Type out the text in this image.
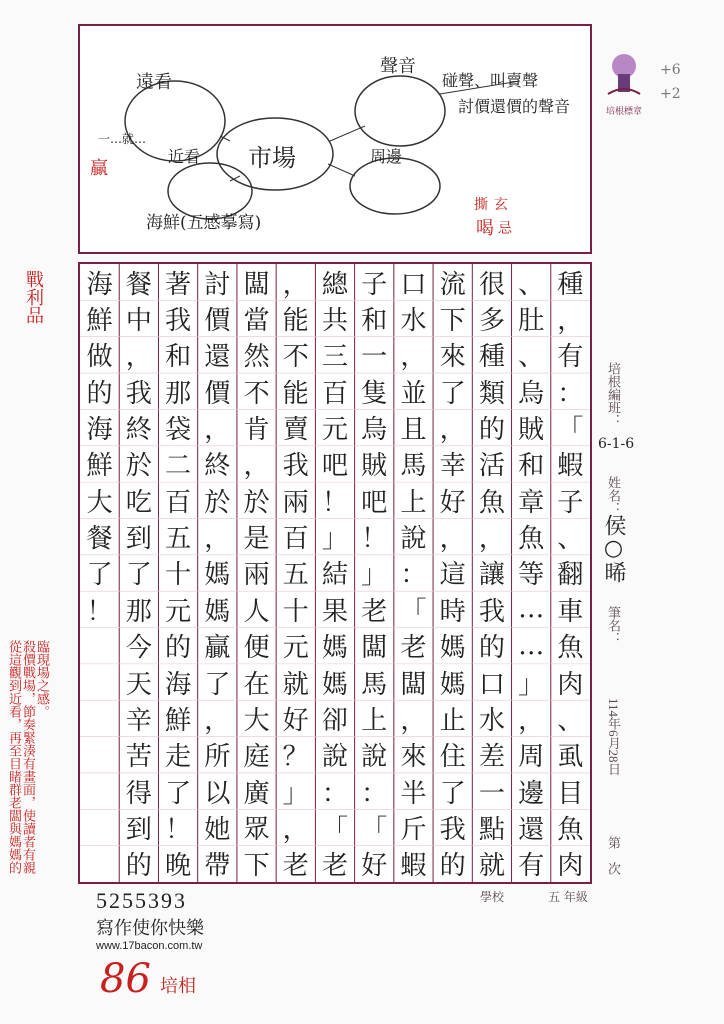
遠看
近看 市場
聲音
周邊
海鮮(五感摹寫)
碰聲、叫賣聲
討價還價的聲音
一…就…
贏
撕 玄
喝 忌
培根標章
+6
+2
種
，
有
：
「
蝦
子
、
翻
車
魚
肉
、
虱
目
魚
肉
、
肚
、
烏
賊
和
章
魚
等
…
…
」
，
周
邊
還
有
很
多
種
類
的
活
魚
，
讓
我
的
口
水
差
一
點
就
流
下
來
了
，
幸
好
，
這
時
媽
媽
止
住
了
我
的
口
水
，
並
且
馬
上
說
：
「
老
闆
，
來
半
斤
蝦
子
和
一
隻
烏
賊
吧
！
」
老
闆
馬
上
說
：
「
好
總
共
三
百
元
吧
！
」
結
果
媽
媽
卻
說
：
「
老
，
能
不
能
賣
我
兩
百
五
十
元
就
好
？
」
，
老
闆
當
然
不
肯
，
於
是
兩
人
便
在
大
庭
廣
眾
下
討
價
還
價
，
終
於
，
媽
媽
贏
了
，
所
以
她
帶
著
我
和
那
袋
二
百
五
十
元
的
海
鮮
走
了
！
晚
餐
中
，
我
終
於
吃
到
了
那
今
天
辛
苦
得
到
的
海
鮮
做
的
海
鮮
大
餐
了
！
培根編班：
6-1-6
姓名：
侯○晞
筆名：
114年6月28日
第　次
學校	五 年級
5255393
寫作使你快樂
www.17bacon.com.tw
86 培相
戰利品
從這觀到近看，再至目睹群老闆與媽媽的 殺價戰場，節奏緊湊有畫面，使讀者有親 臨現場之感。
